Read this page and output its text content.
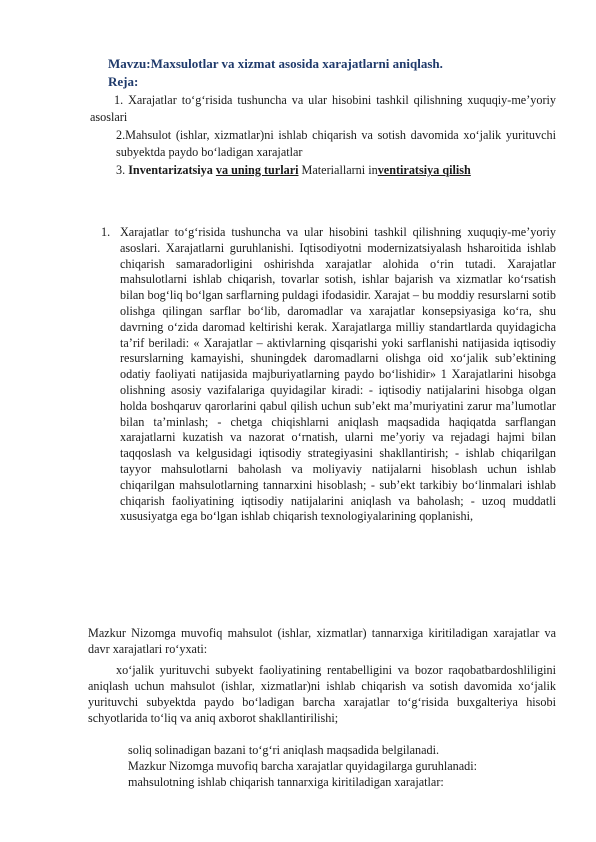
Mavzu:Maxsulotlar va xizmat asosida xarajatlarni aniqlash.
Reja:
1. Xarajatlar to‘g‘risida tushuncha va ular hisobini tashkil qilishning xuquqiy-me’yoriy asoslari
2.Mahsulot (ishlar, xizmatlar)ni ishlab chiqarish va sotish davomida xo‘jalik yurituvchi subyektda paydo bo‘ladigan xarajatlar
3. Inventarizatsiya va uning turlari Materiallarni inventiratsiya qilish
1. Xarajatlar to‘g‘risida tushuncha va ular hisobini tashkil qilishning xuquqiy-me’yoriy asoslari. Xarajatlarni guruhlanishi. Iqtisodiyotni modernizatsiyalash hsharoitida ishlab chiqarish samaradorligini oshirishda xarajatlar alohida o‘rin tutadi. Xarajatlar mahsulotlarni ishlab chiqarish, tovarlar sotish, ishlar bajarish va xizmatlar ko‘rsatish bilan bog‘liq bo‘lgan sarflarning puldagi ifodasidir. Xarajat – bu moddiy resurslarni sotib olishga qilingan sarflar bo‘lib, daromadlar va xarajatlar konsepsiyasiga ko‘ra, shu davrning o‘zida daromad keltirishi kerak. Xarajatlarga milliy standartlarda quyidagicha ta’rif beriladi: « Xarajatlar – aktivlarning qisqarishi yoki sarflanishi natijasida iqtisodiy resurslarning kamayishi, shuningdek daromadlarni olishga oid xo‘jalik sub’ektining odatiy faoliyati natijasida majburiyatlarning paydo bo‘lishidir» 1 Xarajatlarini hisobga olishning asosiy vazifalariga quyidagilar kiradi: - iqtisodiy natijalarini hisobga olgan holda boshqaruv qarorlarini qabul qilish uchun sub’ekt ma’muriyatini zarur ma’lumotlar bilan ta’minlash; - chetga chiqishlarni aniqlash maqsadida haqiqatda sarflangan xarajatlarni kuzatish va nazorat o‘rnatish, ularni me’yoriy va rejadagi hajmi bilan taqqoslash va kelgusidagi iqtisodiy strategiyasini shakllantirish; - ishlab chiqarilgan tayyor mahsulotlarni baholash va moliyaviy natijalarni hisoblash uchun ishlab chiqarilgan mahsulotlarning tannarxini hisoblash; - sub’ekt tarkibiy bo‘linmalari ishlab chiqarish faoliyatining iqtisodiy natijalarini aniqlash va baholash; - uzoq muddatli xususiyatga ega bo‘lgan ishlab chiqarish texnologiyalarining qoplanishi,
Mazkur Nizomga muvofiq mahsulot (ishlar, xizmatlar) tannarxiga kiritiladigan xarajatlar va davr xarajatlari ro‘yxati:
xo‘jalik yurituvchi subyekt faoliyatining rentabelligini va bozor raqobatbardoshliligini aniqlash uchun mahsulot (ishlar, xizmatlar)ni ishlab chiqarish va sotish davomida xo‘jalik yurituvchi subyektda paydo bo‘ladigan barcha xarajatlar to‘g‘risida buxgalteriya hisobi schyotlarida to‘liq va aniq axborot shakllantirilishi;
soliq solinadigan bazani to‘g‘ri aniqlash maqsadida belgilanadi.
Mazkur Nizomga muvofiq barcha xarajatlar quyidagilarga guruhlanadi:
mahsulotning ishlab chiqarish tannarxiga kiritiladigan xarajatlar:
